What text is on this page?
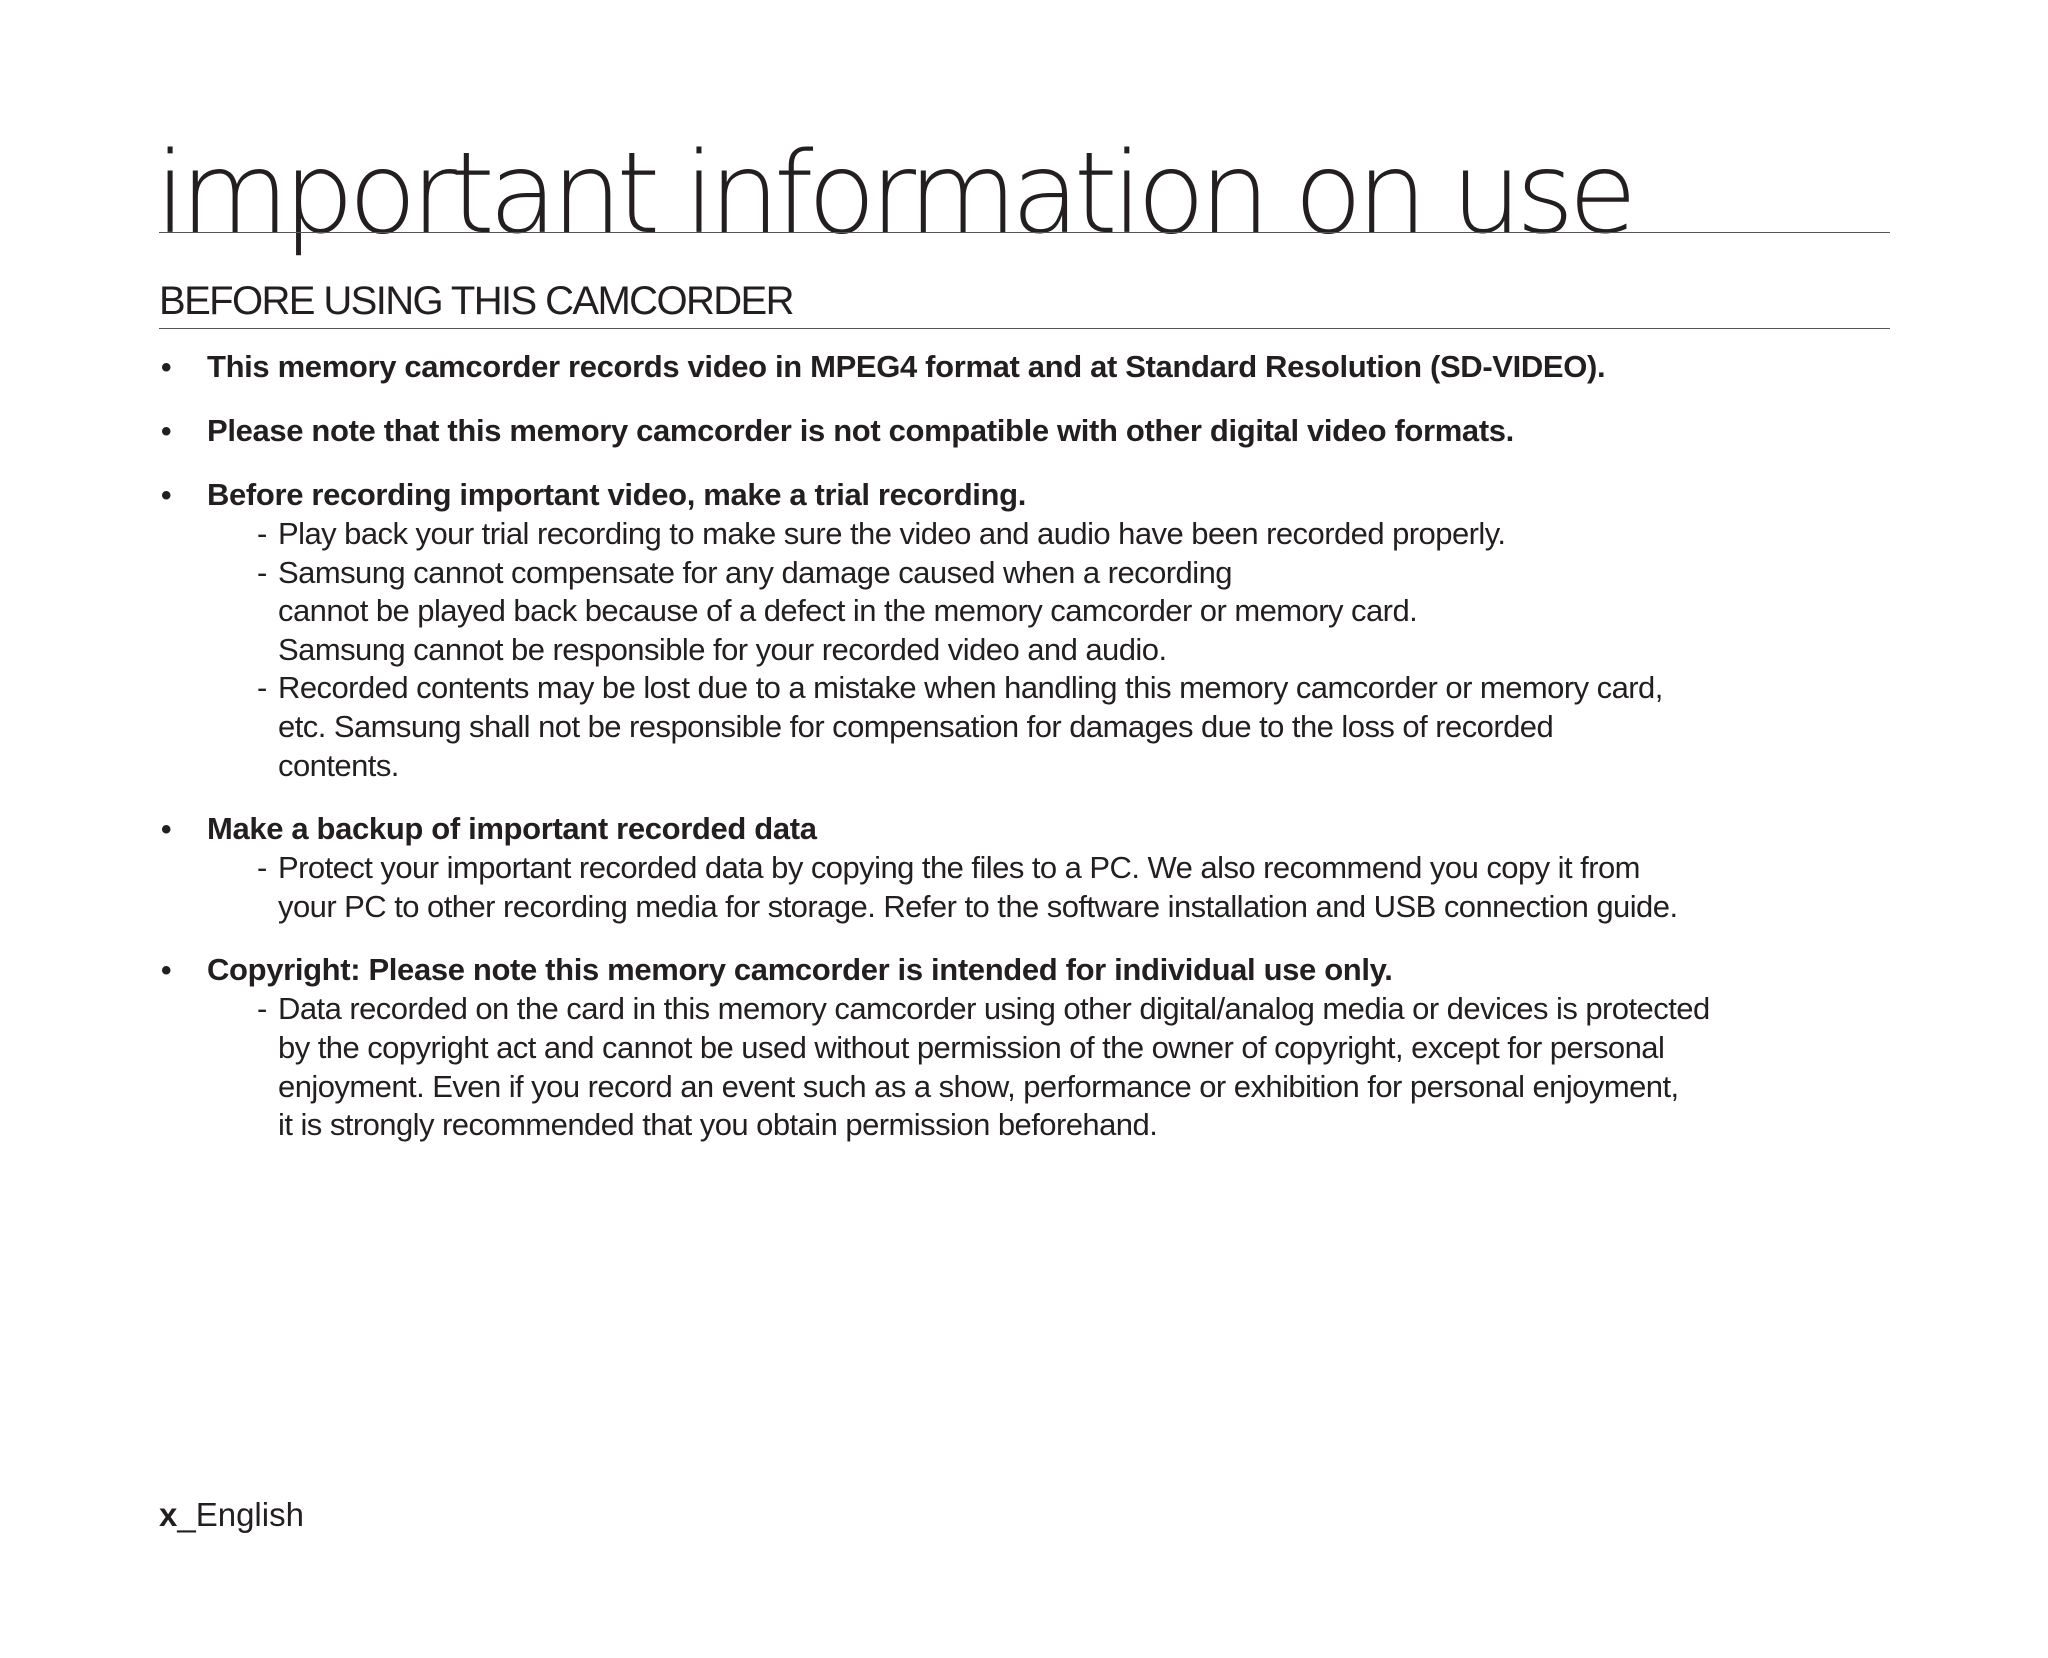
important information on use
BEFORE USING THIS CAMCORDER
• This memory camcorder records video in MPEG4 format and at Standard Resolution (SD-VIDEO).
• Please note that this memory camcorder is not compatible with other digital video formats.
• Before recording important video, make a trial recording.
- Play back your trial recording to make sure the video and audio have been recorded properly.
- Samsung cannot compensate for any damage caused when a recording
cannot be played back because of a defect in the memory camcorder or memory card.
Samsung cannot be responsible for your recorded video and audio.
- Recorded contents may be lost due to a mistake when handling this memory camcorder or memory card,
etc. Samsung shall not be responsible for compensation for damages due to the loss of recorded
contents.
• Make a backup of important recorded data
- Protect your important recorded data by copying the files to a PC. We also recommend you copy it from
your PC to other recording media for storage. Refer to the software installation and USB connection guide.
• Copyright: Please note this memory camcorder is intended for individual use only.
- Data recorded on the card in this memory camcorder using other digital/analog media or devices is protected
by the copyright act and cannot be used without permission of the owner of copyright, except for personal
enjoyment. Even if you record an event such as a show, performance or exhibition for personal enjoyment,
it is strongly recommended that you obtain permission beforehand.
x_English
